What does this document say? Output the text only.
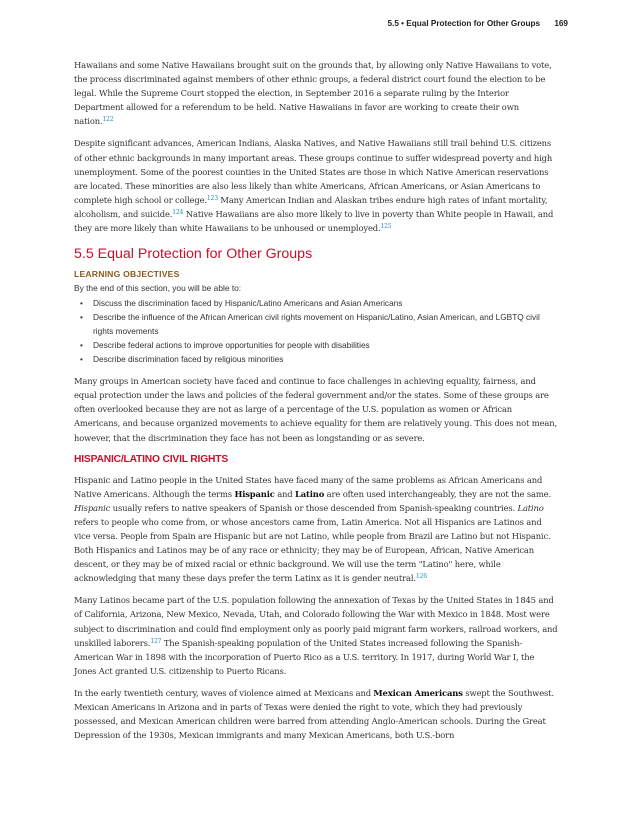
5.5 • Equal Protection for Other Groups 169

Hawaiians and some Native Hawaiians brought suit on the grounds that, by allowing only Native Hawaiians to vote, the process discriminated against members of other ethnic groups, a federal district court found the election to be legal. While the Supreme Court stopped the election, in September 2016 a separate ruling by the Interior Department allowed for a referendum to be held. Native Hawaiians in favor are working to create their own nation.$^{122}$

Despite significant advances, American Indians, Alaska Natives, and Native Hawaiians still trail behind U.S. citizens of other ethnic backgrounds in many important areas. These groups continue to suffer widespread poverty and high unemployment. Some of the poorest counties in the United States are those in which Native American reservations are located. These minorities are also less likely than white Americans, African Americans, or Asian Americans to complete high school or college.$^{123}$ Many American Indian and Alaskan tribes endure high rates of infant mortality, alcoholism, and suicide.$^{124}$ Native Hawaiians are also more likely to live in poverty than White people in Hawaii, and they are more likely than white Hawaiians to be unhoused or unemployed.$^{125}$

5.5 Equal Protection for Other Groups
LEARNING OBJECTIVES
By the end of this section, you will be able to:
• Discuss the discrimination faced by Hispanic/Latino Americans and Asian Americans
• Describe the influence of the African American civil rights movement on Hispanic/Latino, Asian American, and LGBTQ civil rights movements
• Describe federal actions to improve opportunities for people with disabilities
• Describe discrimination faced by religious minorities

Many groups in American society have faced and continue to face challenges in achieving equality, fairness, and equal protection under the laws and policies of the federal government and/or the states. Some of these groups are often overlooked because they are not as large of a percentage of the U.S. population as women or African Americans, and because organized movements to achieve equality for them are relatively young. This does not mean, however, that the discrimination they face has not been as longstanding or as severe.

HISPANIC/LATINO CIVIL RIGHTS

Hispanic and Latino people in the United States have faced many of the same problems as African Americans and Native Americans. Although the terms Hispanic and Latino are often used interchangeably, they are not the same. Hispanic usually refers to native speakers of Spanish or those descended from Spanish-speaking countries. Latino refers to people who come from, or whose ancestors came from, Latin America. Not all Hispanics are Latinos and vice versa. People from Spain are Hispanic but are not Latino, while people from Brazil are Latino but not Hispanic. Both Hispanics and Latinos may be of any race or ethnicity; they may be of European, African, Native American descent, or they may be of mixed racial or ethnic background. We will use the term "Latino" here, while acknowledging that many these days prefer the term Latinx as it is gender neutral.$^{126}$

Many Latinos became part of the U.S. population following the annexation of Texas by the United States in 1845 and of California, Arizona, New Mexico, Nevada, Utah, and Colorado following the War with Mexico in 1848. Most were subject to discrimination and could find employment only as poorly paid migrant farm workers, railroad workers, and unskilled laborers.$^{127}$ The Spanish-speaking population of the United States increased following the Spanish-American War in 1898 with the incorporation of Puerto Rico as a U.S. territory. In 1917, during World War I, the Jones Act granted U.S. citizenship to Puerto Ricans.

In the early twentieth century, waves of violence aimed at Mexicans and Mexican Americans swept the Southwest. Mexican Americans in Arizona and in parts of Texas were denied the right to vote, which they had previously possessed, and Mexican American children were barred from attending Anglo-American schools. During the Great Depression of the 1930s, Mexican immigrants and many Mexican Americans, both U.S.-born
